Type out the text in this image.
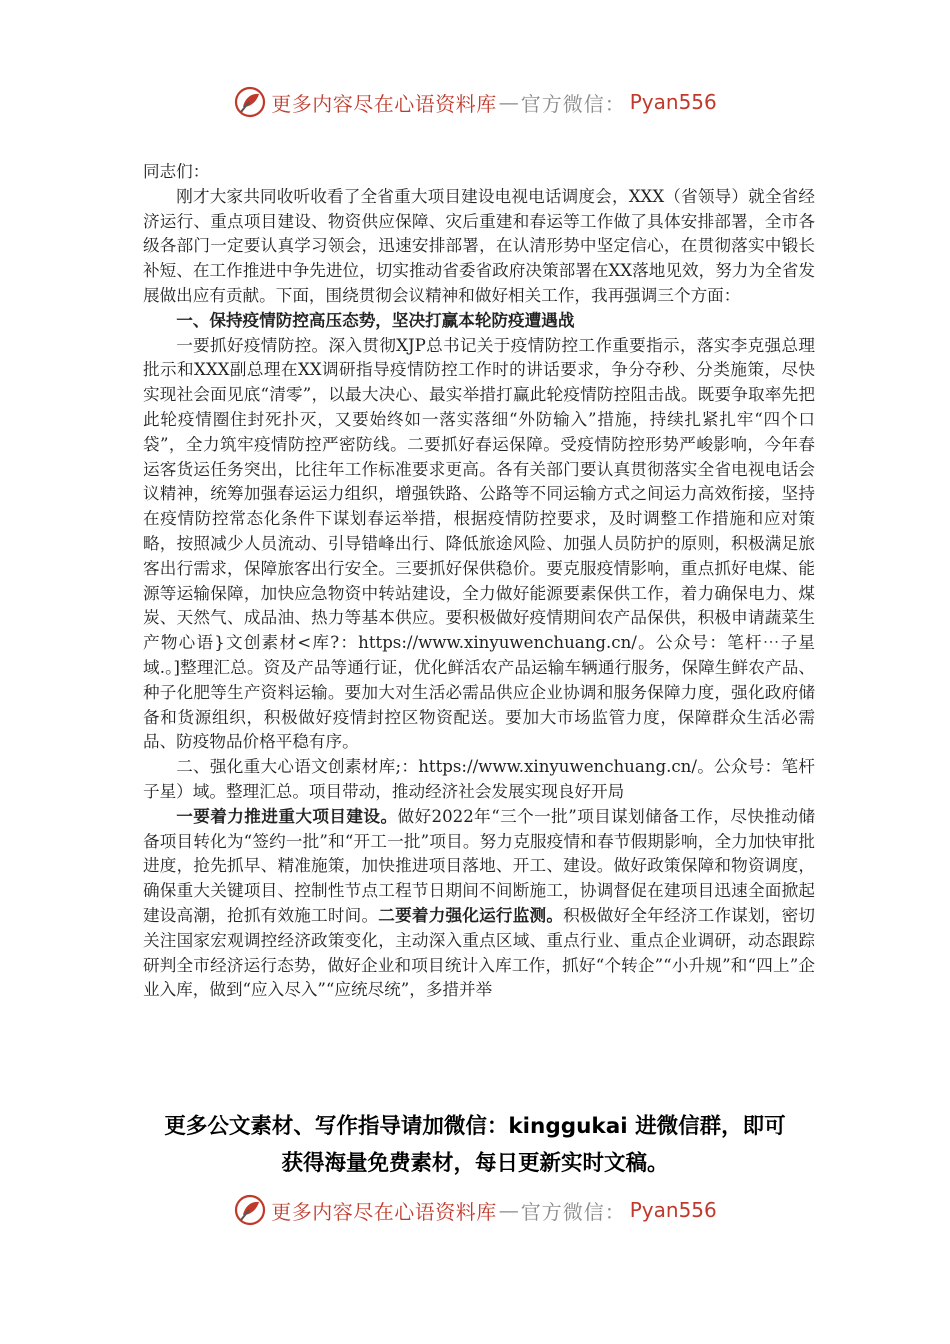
更多内容尽在心语资料库 — 官方微信： Pyan556

同志们：

刚才大家共同收听收看了全省重大项目建设电视电话调度会，XXX（省领导）就全省经济运行、重点项目建设、物资供应保障、灾后重建和春运等工作做了具体安排部署，全市各级各部门一定要认真学习领会，迅速安排部署，在认清形势中坚定信心，在贯彻落实中锻长补短、在工作推进中争先进位，切实推动省委省政府决策部署在XX落地见效，努力为全省发展做出应有贡献。下面，围绕贯彻会议精神和做好相关工作，我再强调三个方面：

一、保持疫情防控高压态势，坚决打赢本轮防疫遭遇战

一要抓好疫情防控。深入贯彻XJP总书记关于疫情防控工作重要指示，落实李克强总理批示和XXX副总理在XX调研指导疫情防控工作时的讲话要求，争分夺秒、分类施策，尽快实现社会面见底“清零”，以最大决心、最实举措打赢此轮疫情防控阻击战。既要争取率先把此轮疫情圈住封死扑灭，又要始终如一落实落细“外防输入”措施，持续扎紧扎牢“四个口袋”，全力筑牢疫情防控严密防线。二要抓好春运保障。受疫情防控形势严峻影响，今年春运客货运任务突出，比往年工作标准要求更高。各有关部门要认真贯彻落实全省电视电话会议精神，统筹加强春运运力组织，增强铁路、公路等不同运输方式之间运力高效衔接，坚持在疫情防控常态化条件下谋划春运举措，根据疫情防控要求，及时调整工作措施和应对策略，按照减少人员流动、引导错峰出行、降低旅途风险、加强人员防护的原则，积极满足旅客出行需求，保障旅客出行安全。三要抓好保供稳价。要克服疫情影响，重点抓好电煤、能源等运输保障，加快应急物资中转站建设，全力做好能源要素保供工作，着力确保电力、煤炭、天然气、成品油、热力等基本供应。要积极做好疫情期间农产品保供，积极申请蔬菜生产物心语}文创素材<库?：https://www.xinyuwenchuang.cn/。公众号：笔杆⋯子星域.。]整理汇总。资及产品等通行证，优化鲜活农产品运输车辆通行服务，保障生鲜农产品、种子化肥等生产资料运输。要加大对生活必需品供应企业协调和服务保障力度，强化政府储备和货源组织，积极做好疫情封控区物资配送。要加大市场监管力度，保障群众生活必需品、防疫物品价格平稳有序。

二、强化重大心语文创素材库;：https://www.xinyuwenchuang.cn/。公众号：笔杆子星）域。整理汇总。项目带动，推动经济社会发展实现良好开局

一要着力推进重大项目建设。做好2022年“三个一批”项目谋划储备工作，尽快推动储备项目转化为“签约一批”和“开工一批”项目。努力克服疫情和春节假期影响，全力加快审批进度，抢先抓早、精准施策，加快推进项目落地、开工、建设。做好政策保障和物资调度，确保重大关键项目、控制性节点工程节日期间不间断施工，协调督促在建项目迅速全面掀起建设高潮，抢抓有效施工时间。二要着力强化运行监测。积极做好全年经济工作谋划，密切关注国家宏观调控经济政策变化，主动深入重点区域、重点行业、重点企业调研，动态跟踪研判全市经济运行态势，做好企业和项目统计入库工作，抓好“个转企”“小升规”和“四上”企业入库，做到“应入尽入”“应统尽统”，多措并举

更多公文素材、写作指导请加微信：kinggukai 进微信群，即可
获得海量免费素材，每日更新实时文稿。
更多内容尽在心语资料库 — 官方微信： Pyan556
